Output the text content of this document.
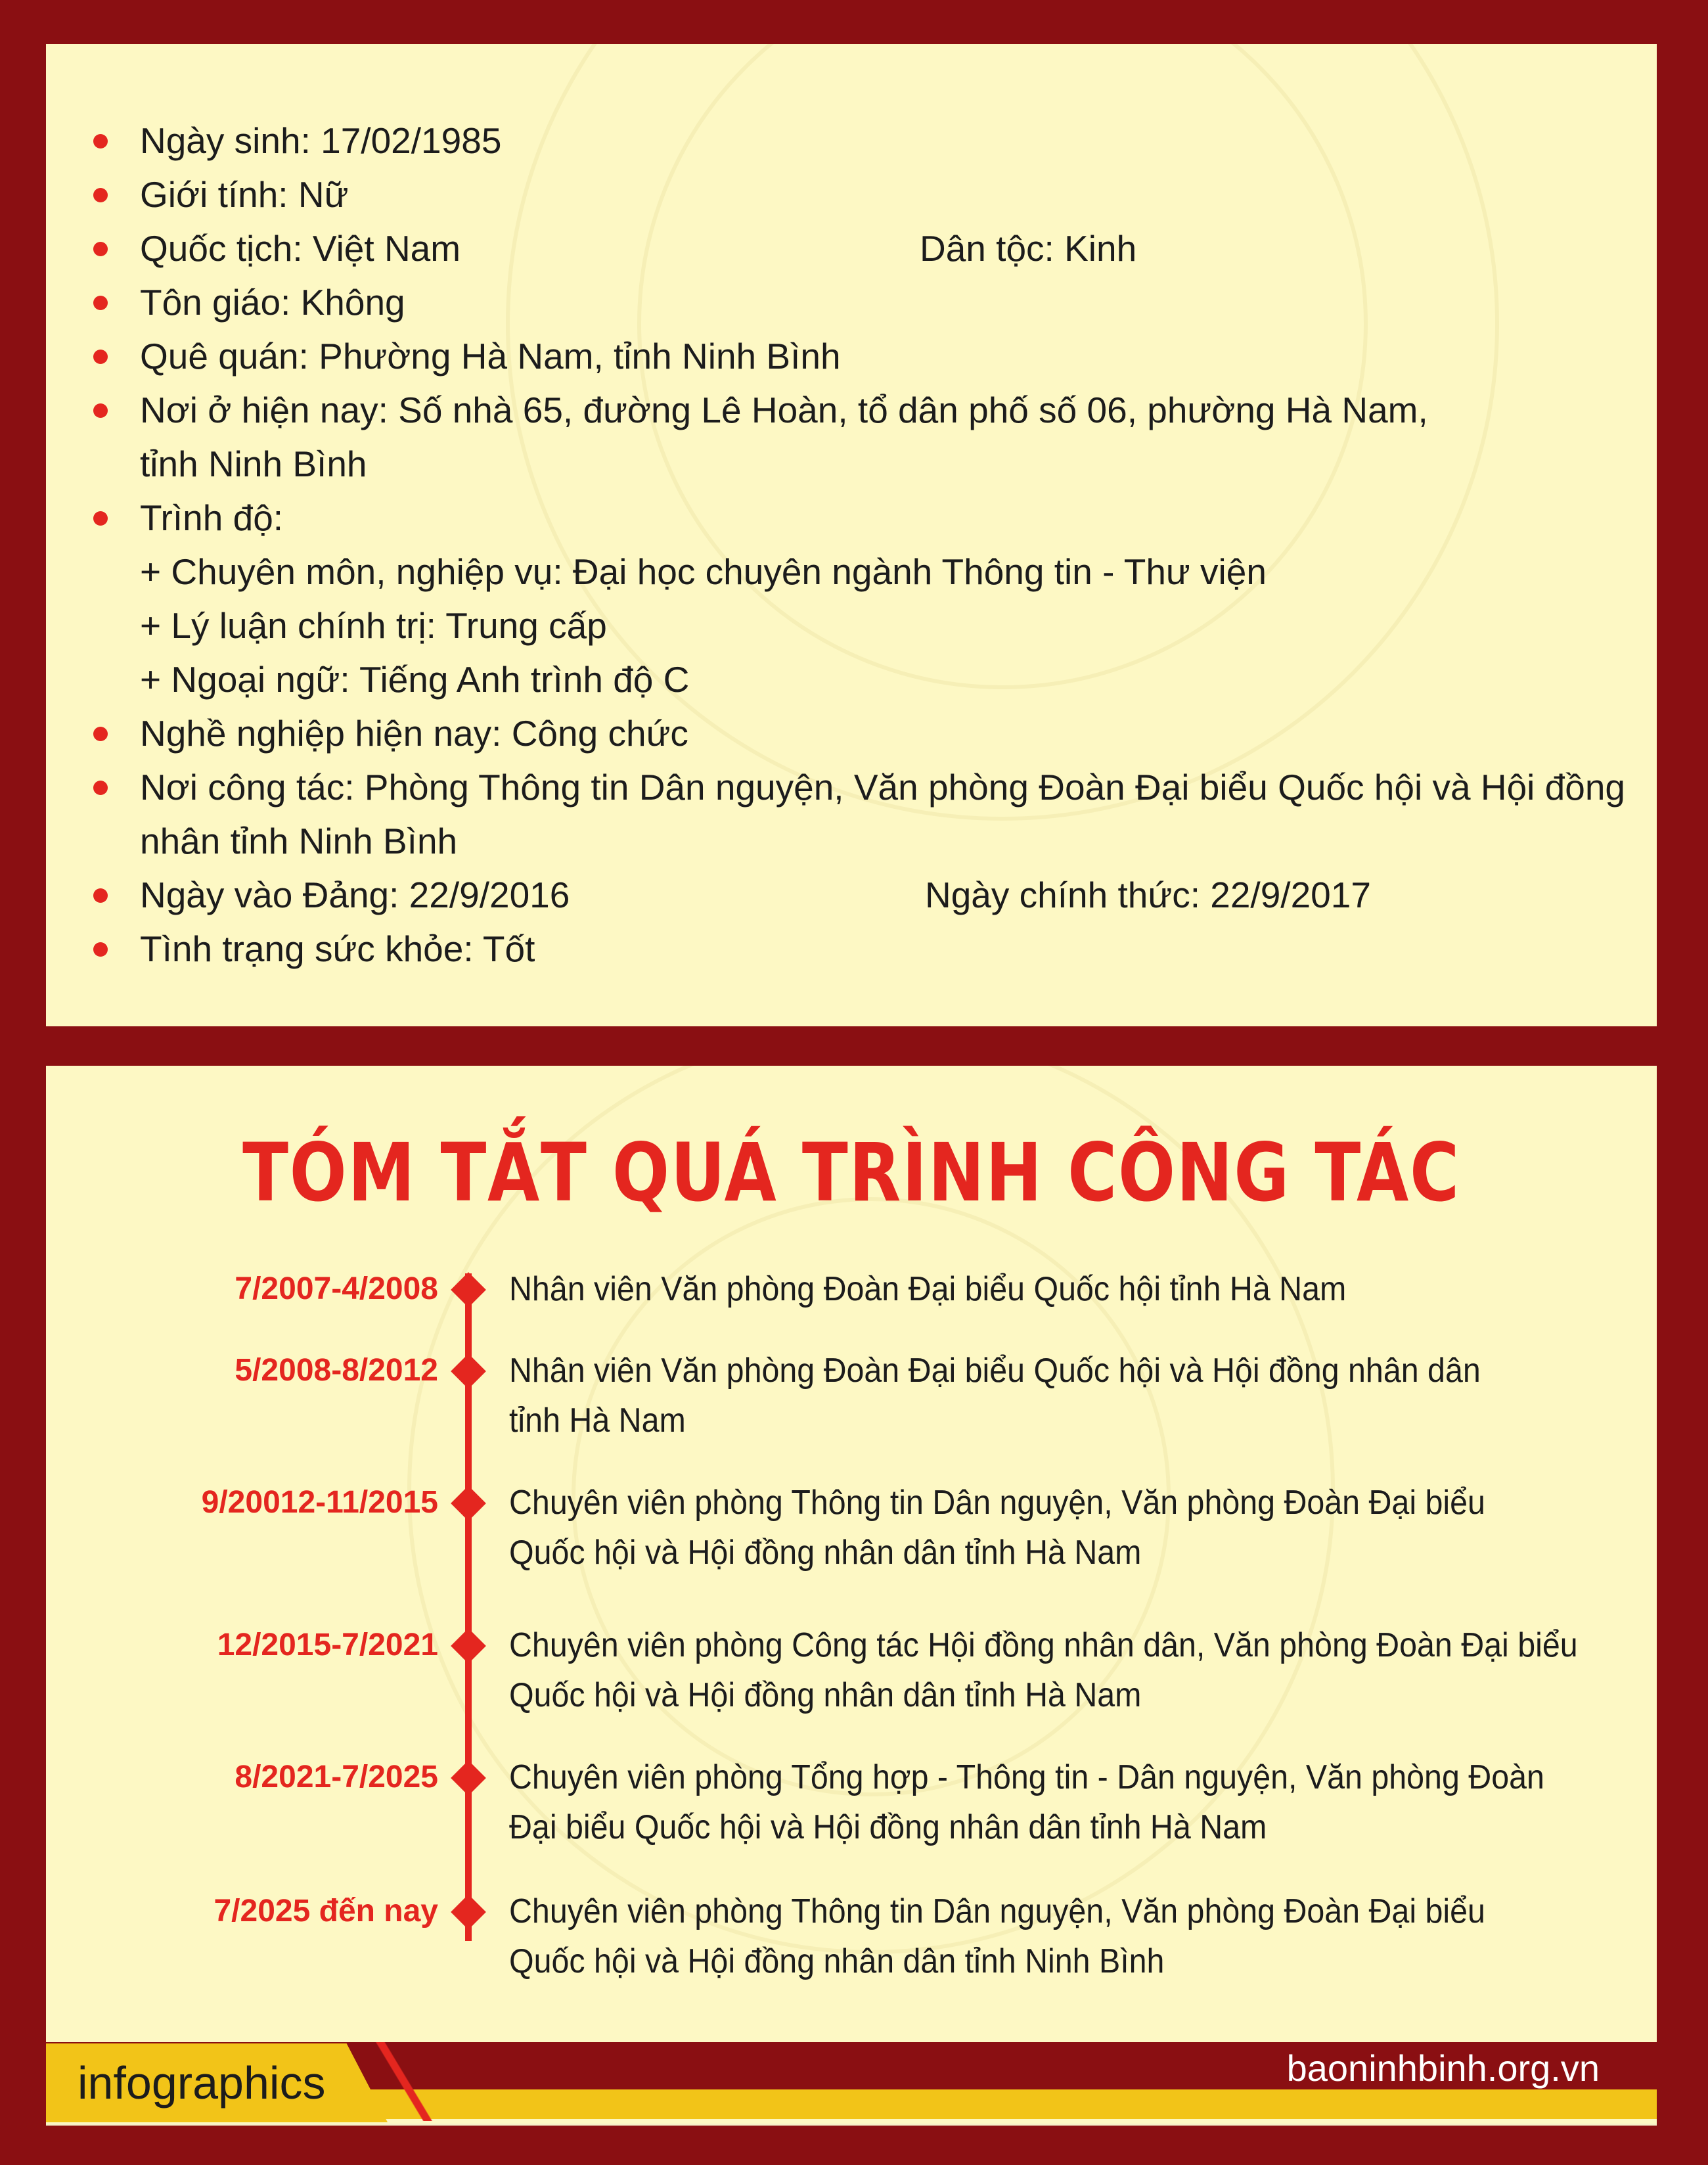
Ngày sinh: 17/02/1985
Giới tính: Nữ
Quốc tịch: Việt Nam	Dân tộc: Kinh
Tôn giáo: Không
Quê quán: Phường Hà Nam, tỉnh Ninh Bình
Nơi ở hiện nay: Số nhà 65, đường Lê Hoàn, tổ dân phố số 06, phường Hà Nam,
tỉnh Ninh Bình
Trình độ:
+ Chuyên môn, nghiệp vụ: Đại học chuyên ngành Thông tin - Thư viện
+ Lý luận chính trị: Trung cấp
+ Ngoại ngữ: Tiếng Anh trình độ C
Nghề nghiệp hiện nay: Công chức
Nơi công tác: Phòng Thông tin Dân nguyện, Văn phòng Đoàn Đại biểu Quốc hội và Hội đồng
nhân tỉnh Ninh Bình
Ngày vào Đảng: 22/9/2016	Ngày chính thức: 22/9/2017
Tình trạng sức khỏe: Tốt
TÓM TẮT QUÁ TRÌNH CÔNG TÁC
7/2007-4/2008 Nhân viên Văn phòng Đoàn Đại biểu Quốc hội tỉnh Hà Nam
5/2008-8/2012 Nhân viên Văn phòng Đoàn Đại biểu Quốc hội và Hội đồng nhân dân
tỉnh Hà Nam
9/20012-11/2015 Chuyên viên phòng Thông tin Dân nguyện, Văn phòng Đoàn Đại biểu
Quốc hội và Hội đồng nhân dân tỉnh Hà Nam
12/2015-7/2021 Chuyên viên phòng Công tác Hội đồng nhân dân, Văn phòng Đoàn Đại biểu
Quốc hội và Hội đồng nhân dân tỉnh Hà Nam
8/2021-7/2025 Chuyên viên phòng Tổng hợp - Thông tin - Dân nguyện, Văn phòng Đoàn
Đại biểu Quốc hội và Hội đồng nhân dân tỉnh Hà Nam
7/2025 đến nay Chuyên viên phòng Thông tin Dân nguyện, Văn phòng Đoàn Đại biểu
Quốc hội và Hội đồng nhân dân tỉnh Ninh Bình
infographics	baoninhbinh.org.vn
